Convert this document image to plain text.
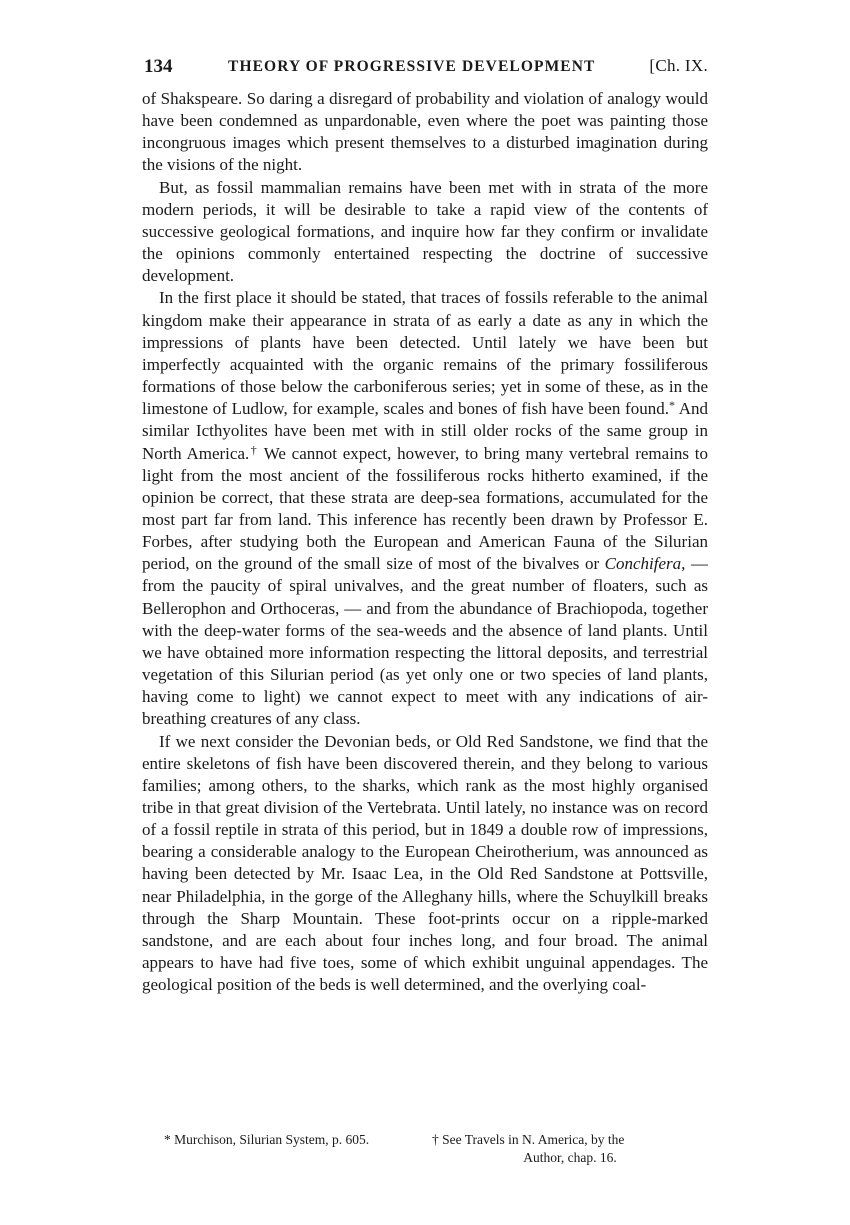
134	THEORY OF PROGRESSIVE DEVELOPMENT	[Ch. IX.

of Shakspeare. So daring a disregard of probability and violation of analogy would have been condemned as unpardonable, even where the poet was painting those incongruous images which present themselves to a disturbed imagination during the visions of the night.

But, as fossil mammalian remains have been met with in strata of the more modern periods, it will be desirable to take a rapid view of the contents of successive geological formations, and inquire how far they confirm or invalidate the opinions commonly entertained respecting the doctrine of successive development.

In the first place it should be stated, that traces of fossils referable to the animal kingdom make their appearance in strata of as early a date as any in which the impressions of plants have been detected. Until lately we have been but imperfectly acquainted with the organic remains of the primary fossiliferous formations of those below the carboniferous series; yet in some of these, as in the limestone of Ludlow, for example, scales and bones of fish have been found.* And similar Icthyolites have been met with in still older rocks of the same group in North America.† We cannot expect, however, to bring many vertebral remains to light from the most ancient of the fossiliferous rocks hitherto examined, if the opinion be correct, that these strata are deep-sea formations, accumulated for the most part far from land. This inference has recently been drawn by Professor E. Forbes, after studying both the European and American Fauna of the Silurian period, on the ground of the small size of most of the bivalves or Conchifera, — from the paucity of spiral univalves, and the great number of floaters, such as Bellerophon and Orthoceras, — and from the abundance of Brachiopoda, together with the deep-water forms of the sea-weeds and the absence of land plants. Until we have obtained more information respecting the littoral deposits, and terrestrial vegetation of this Silurian period (as yet only one or two species of land plants, having come to light) we cannot expect to meet with any indications of air-breathing creatures of any class.

If we next consider the Devonian beds, or Old Red Sandstone, we find that the entire skeletons of fish have been discovered therein, and they belong to various families; among others, to the sharks, which rank as the most highly organised tribe in that great division of the Vertebrata. Until lately, no instance was on record of a fossil reptile in strata of this period, but in 1849 a double row of impressions, bearing a considerable analogy to the European Cheirotherium, was announced as having been detected by Mr. Isaac Lea, in the Old Red Sandstone at Pottsville, near Philadelphia, in the gorge of the Alleghany hills, where the Schuylkill breaks through the Sharp Mountain. These foot-prints occur on a ripple-marked sandstone, and are each about four inches long, and four broad. The animal appears to have had five toes, some of which exhibit unguinal appendages. The geological position of the beds is well determined, and the overlying coal-

* Murchison, Silurian System, p. 605.	† See Travels in N. America, by the
Author, chap. 16.
